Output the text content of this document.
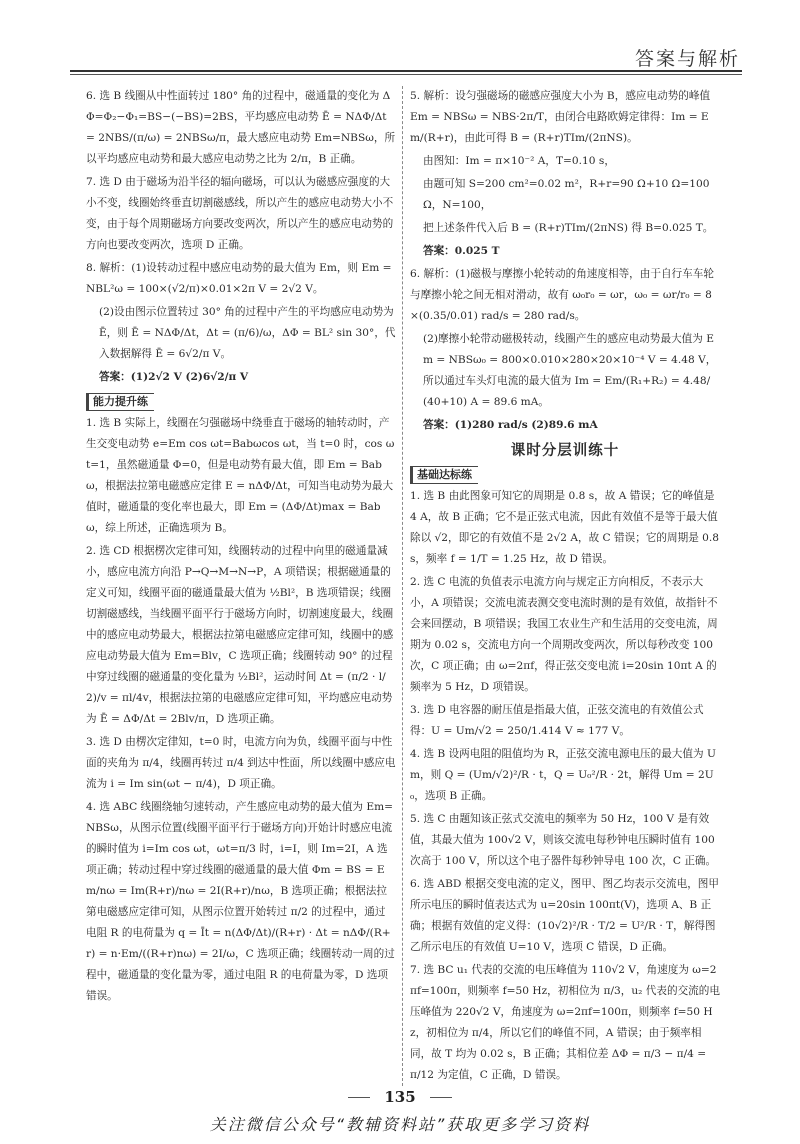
答案与解析

6. 选 B 线圈从中性面转过 180° 角的过程中，磁通量的变化为 ΔΦ=Φ₂−Φ₁=BS−(−BS)=2BS，平均感应电动势 Ē = NΔΦ/Δt = 2NBS/(π/ω) = 2NBSω/π，最大感应电动势 Em=NBSω，所以平均感应电动势和最大感应电动势之比为 2/π，B 正确。

7. 选 D 由于磁场为沿半径的辐向磁场，可以认为磁感应强度的大小不变，线圈始终垂直切割磁感线，所以产生的感应电动势大小不变，由于每个周期磁场方向要改变两次，所以产生的感应电动势的方向也要改变两次，选项 D 正确。

8. 解析：(1)设转动过程中感应电动势的最大值为 Em，则 Em = NBL²ω = 100×(√2/π)×0.01×2π V = 2√2 V。

(2)设由图示位置转过 30° 角的过程中产生的平均感应电动势为 Ē，则 Ē = NΔΦ/Δt，Δt = (π/6)/ω，ΔΦ = BL² sin 30°，代入数据解得 Ē = 6√2/π V。

答案：(1)2√2 V (2)6√2/π V

能力提升练

1. 选 B 实际上，线圈在匀强磁场中绕垂直于磁场的轴转动时，产生交变电动势 e=Em cos ωt=Babωcos ωt，当 t=0 时，cos ωt=1，虽然磁通量 Φ=0，但是电动势有最大值，即 Em = Babω，根据法拉第电磁感应定律 E = nΔΦ/Δt，可知当电动势为最大值时，磁通量的变化率也最大，即 Em = (ΔΦ/Δt)max = Babω，综上所述，正确选项为 B。

2. 选 CD 根据楞次定律可知，线圈转动的过程中向里的磁通量减小，感应电流方向沿 P→Q→M→N→P，A 项错误；根据磁通量的定义可知，线圈平面的磁通量最大值为 ½Bl²，B 选项错误；线圈切割磁感线，当线圈平面平行于磁场方向时，切割速度最大，线圈中的感应电动势最大，根据法拉第电磁感应定律可知，线圈中的感应电动势最大值为 Em=Blv，C 选项正确；线圈转动 90° 的过程中穿过线圈的磁通量的变化量为 ½Bl²，运动时间 Δt = (π/2 · l/2)/v = πl/4v，根据法拉第的电磁感应定律可知，平均感应电动势为 Ē = ΔΦ/Δt = 2Blv/π，D 选项正确。

3. 选 D 由楞次定律知，t=0 时，电流方向为负，线圈平面与中性面的夹角为 π/4，线圈再转过 π/4 到达中性面，所以线圈中感应电流为 i = Im sin(ωt − π/4)，D 项正确。

4. 选 ABC 线圈绕轴匀速转动，产生感应电动势的最大值为 Em=NBSω，从图示位置(线圈平面平行于磁场方向)开始计时感应电流的瞬时值为 i=Im cos ωt，ωt=π/3 时，i=I，则 Im=2I，A 选项正确；转动过程中穿过线圈的磁通量的最大值 Φm = BS = Em/nω = Im(R+r)/nω = 2I(R+r)/nω，B 选项正确；根据法拉第电磁感应定律可知，从图示位置开始转过 π/2 的过程中，通过电阻 R 的电荷量为 q = Īt = n(ΔΦ/Δt)/(R+r) · Δt = nΔΦ/(R+r) = n·Em/((R+r)nω) = 2I/ω，C 选项正确；线圈转动一周的过程中，磁通量的变化量为零，通过电阻 R 的电荷量为零，D 选项错误。

5. 解析：设匀强磁场的磁感应强度大小为 B，感应电动势的峰值 Em = NBSω = NBS·2π/T，由闭合电路欧姆定律得：Im = Em/(R+r)，由此可得 B = (R+r)TIm/(2πNS)。

由图知：Im = π×10⁻² A，T=0.10 s，

由题可知 S=200 cm²=0.02 m²，R+r=90 Ω+10 Ω=100 Ω，N=100，

把上述条件代入后 B = (R+r)TIm/(2πNS) 得 B=0.025 T。

答案：0.025 T

6. 解析：(1)磁极与摩擦小轮转动的角速度相等，由于自行车车轮与摩擦小轮之间无相对滑动，故有 ω₀r₀ = ωr，ω₀ = ωr/r₀ = 8×(0.35/0.01) rad/s = 280 rad/s。

(2)摩擦小轮带动磁极转动，线圈产生的感应电动势最大值为 Em = NBSω₀ = 800×0.010×280×20×10⁻⁴ V = 4.48 V，所以通过车头灯电流的最大值为 Im = Em/(R₁+R₂) = 4.48/(40+10) A = 89.6 mA。

答案：(1)280 rad/s (2)89.6 mA

课时分层训练十
基础达标练

1. 选 B 由此图象可知它的周期是 0.8 s，故 A 错误；它的峰值是 4 A，故 B 正确；它不是正弦式电流，因此有效值不是等于最大值除以 √2，即它的有效值不是 2√2 A，故 C 错误；它的周期是 0.8 s，频率 f = 1/T = 1.25 Hz，故 D 错误。

2. 选 C 电流的负值表示电流方向与规定正方向相反，不表示大小，A 项错误；交流电流表测交变电流时测的是有效值，故指针不会来回摆动，B 项错误；我国工农业生产和生活用的交变电流，周期为 0.02 s，交流电方向一个周期改变两次，所以每秒改变 100 次，C 项正确；由 ω=2πf，得正弦交变电流 i=20sin 10πt A 的频率为 5 Hz，D 项错误。

3. 选 D 电容器的耐压值是指最大值，正弦交流电的有效值公式得：U = Um/√2 = 250/1.414 V ≈ 177 V。

4. 选 B 设两电阻的阻值均为 R，正弦交流电源电压的最大值为 Um，则 Q = (Um/√2)²/R · t，Q = U₀²/R · 2t，解得 Um = 2U₀，选项 B 正确。

5. 选 C 由题知该正弦式交流电的频率为 50 Hz，100 V 是有效值，其最大值为 100√2 V，则该交流电每秒钟电压瞬时值有 100 次高于 100 V，所以这个电子器件每秒钟导电 100 次，C 正确。

6. 选 ABD 根据交变电流的定义，图甲、图乙均表示交流电，图甲所示电压的瞬时值表达式为 u=20sin 100πt(V)，选项 A、B 正确；根据有效值的定义得：(10√2)²/R · T/2 = U²/R · T，解得图乙所示电压的有效值 U=10 V，选项 C 错误，D 正确。

7. 选 BC u₁ 代表的交流的电压峰值为 110√2 V，角速度为 ω=2πf=100π，则频率 f=50 Hz，初相位为 π/3，u₂ 代表的交流的电压峰值为 220√2 V，角速度为 ω=2πf=100π，则频率 f=50 Hz，初相位为 π/4，所以它们的峰值不同，A 错误；由于频率相同，故 T 均为 0.02 s，B 正确；其相位差 ΔΦ = π/3 − π/4 = π/12 为定值，C 正确，D 错误。

135
关注微信公众号“教辅资料站”获取更多学习资料
